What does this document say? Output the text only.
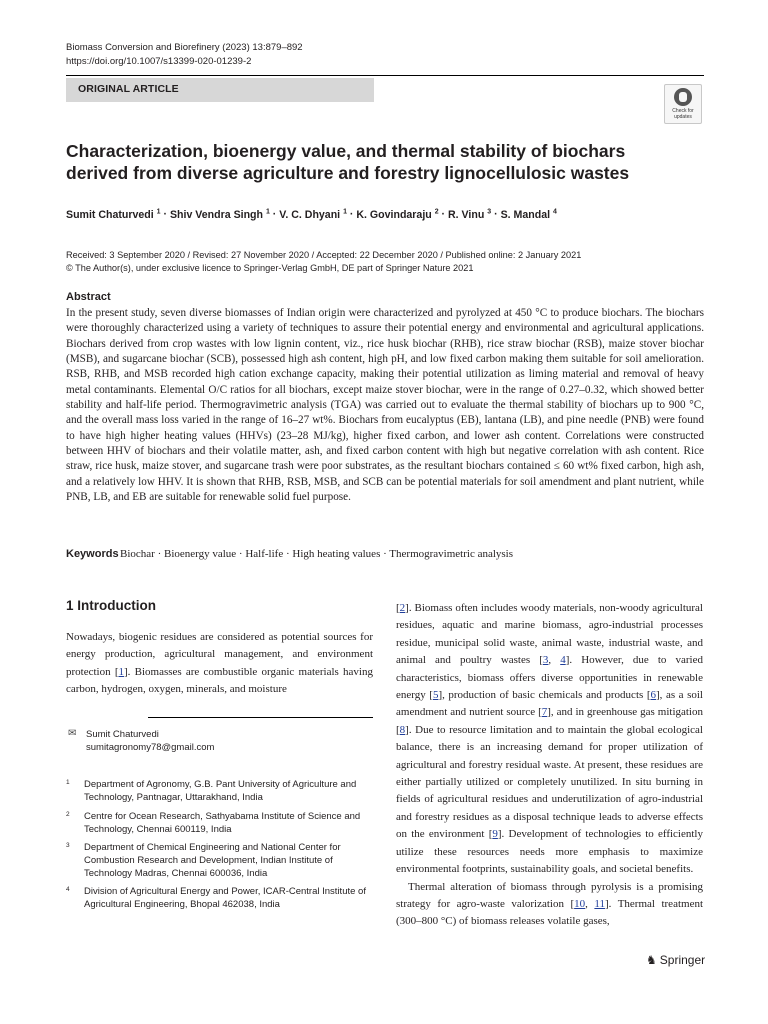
Biomass Conversion and Biorefinery (2023) 13:879–892
https://doi.org/10.1007/s13399-020-01239-2
ORIGINAL ARTICLE
Check for
updates
Characterization, bioenergy value, and thermal stability of biochars derived from diverse agriculture and forestry lignocellulosic wastes
Sumit Chaturvedi $^1$ · Shiv Vendra Singh $^1$ · V. C. Dhyani $^1$ · K. Govindaraju $^2$ · R. Vinu $^3$ · S. Mandal $^4$
Received: 3 September 2020 / Revised: 27 November 2020 / Accepted: 22 December 2020 / Published online: 2 January 2021
© The Author(s), under exclusive licence to Springer-Verlag GmbH, DE part of Springer Nature 2021
Abstract
In the present study, seven diverse biomasses of Indian origin were characterized and pyrolyzed at 450 °C to produce biochars. The biochars were thoroughly characterized using a variety of techniques to assure their potential energy and environmental and agricultural applications. Biochars derived from crop wastes with low lignin content, viz., rice husk biochar (RHB), rice straw biochar (RSB), maize stover biochar (MSB), and sugarcane biochar (SCB), possessed high ash content, high pH, and low fixed carbon making them suitable for soil amelioration. RSB, RHB, and MSB recorded high cation exchange capacity, making their potential utilization as liming material and removal of heavy metal contaminants. Elemental O/C ratios for all biochars, except maize stover biochar, were in the range of 0.27–0.32, which showed better stability and half-life period. Thermogravimetric analysis (TGA) was carried out to evaluate the thermal stability of biochars up to 900 °C, and the overall mass loss varied in the range of 16–27 wt%. Biochars from eucalyptus (EB), lantana (LB), and pine needle (PNB) were found to have high higher heating values (HHVs) (23–28 MJ/kg), higher fixed carbon, and lower ash content. Correlations were constructed between HHV of biochars and their volatile matter, ash, and fixed carbon content with high but negative correlation with ash content. Rice straw, rice husk, maize stover, and sugarcane trash were poor substrates, as the resultant biochars contained ≤ 60 wt% fixed carbon, high ash, and a relatively low HHV. It is shown that RHB, RSB, MSB, and SCB can be potential materials for soil amendment and plant nutrient, while PNB, LB, and EB are suitable for renewable solid fuel purpose.
Keywords Biochar · Bioenergy value · Half-life · High heating values · Thermogravimetric analysis
1 Introduction
Nowadays, biogenic residues are considered as potential sources for energy production, agricultural management, and environment protection [1]. Biomasses are combustible organic materials having carbon, hydrogen, oxygen, minerals, and moisture

[2]. Biomass often includes woody materials, non-woody agricultural residues, aquatic and marine biomass, agro-industrial processes residue, municipal solid waste, animal waste, industrial waste, and animal and poultry wastes [3, 4]. However, due to varied characteristics, biomass offers diverse opportunities in renewable energy [5], production of basic chemicals and products [6], as a soil amendment and nutrient source [7], and in greenhouse gas mitigation [8]. Due to resource limitation and to maintain the global ecological balance, there is an increasing demand for proper utilization of agricultural and forestry residual waste. At present, these residues are either partially utilized or completely unutilized. In situ burning in fields of agricultural residues and underutilization of agro-industrial and forestry residues as a disposal technique leads to adverse effects on the environment [9]. Development of technologies to efficiently utilize these resources needs more emphasis to maximize environmental footprints, sustainability goals, and societal benefits.

Thermal alteration of biomass through pyrolysis is a promising strategy for agro-waste valorization [10, 11]. Thermal treatment (300–800 °C) of biomass releases volatile gases,

✉ Sumit Chaturvedi
sumitagronomy78@gmail.com
1 Department of Agronomy, G.B. Pant University of Agriculture and Technology, Pantnagar, Uttarakhand, India
2 Centre for Ocean Research, Sathyabama Institute of Science and Technology, Chennai 600119, India
3 Department of Chemical Engineering and National Center for Combustion Research and Development, Indian Institute of Technology Madras, Chennai 600036, India
4 Division of Agricultural Energy and Power, ICAR-Central Institute of Agricultural Engineering, Bhopal 462038, India
♞ Springer
